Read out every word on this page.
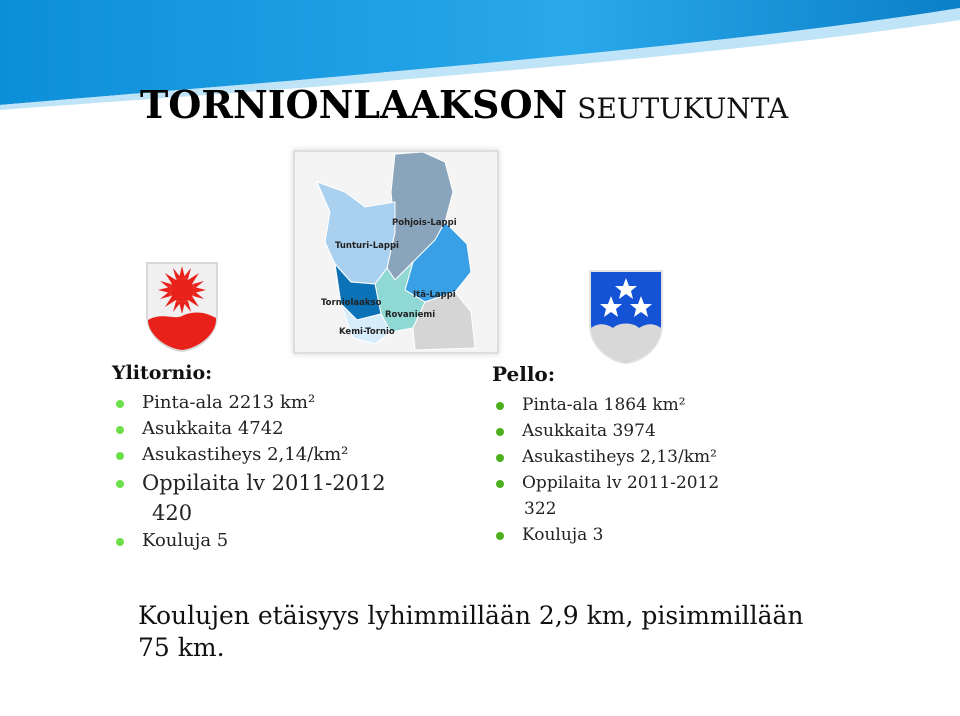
TORNIONLAAKSON SEUTUKUNTA
Pohjois-Lappi
Tunturi-Lappi
Itä-Lappi
Torniolaakso
Rovaniemi
Kemi-Tornio
Ylitornio:
Pinta-ala 2213 km²
Asukkaita 4742
Asukastiheys 2,14/km²
Oppilaita lv 2011-2012
420
Kouluja 5
Pello:
Pinta-ala 1864 km²
Asukkaita 3974
Asukastiheys 2,13/km²
Oppilaita lv 2011-2012
322
Kouluja 3

Koulujen etäisyys lyhimmillään 2,9 km, pisimmillään 75 km.
